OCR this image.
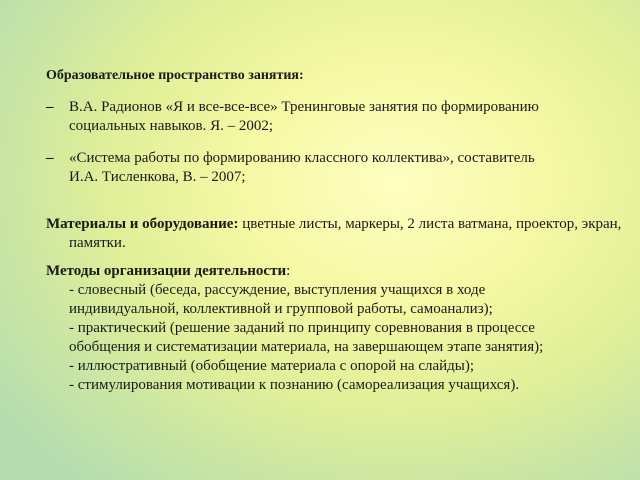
Образовательное пространство занятия:
– В.А. Радионов «Я и все-все-все» Тренинговые занятия по формированию
социальных навыков. Я. – 2002;
– «Система работы по формированию классного коллектива», составитель
И.А. Тисленкова, В. – 2007;
Материалы и оборудование: цветные листы, маркеры, 2 листа ватмана, проектор, экран, памятки.
Методы организации деятельности:
- словесный (беседа, рассуждение, выступления учащихся в ходе
индивидуальной, коллективной и групповой работы, самоанализ);
- практический (решение заданий по принципу соревнования в процессе
обобщения и систематизации материала, на завершающем этапе занятия);
- иллюстративный (обобщение материала с опорой на слайды);
- стимулирования мотивации к познанию (самореализация учащихся).
